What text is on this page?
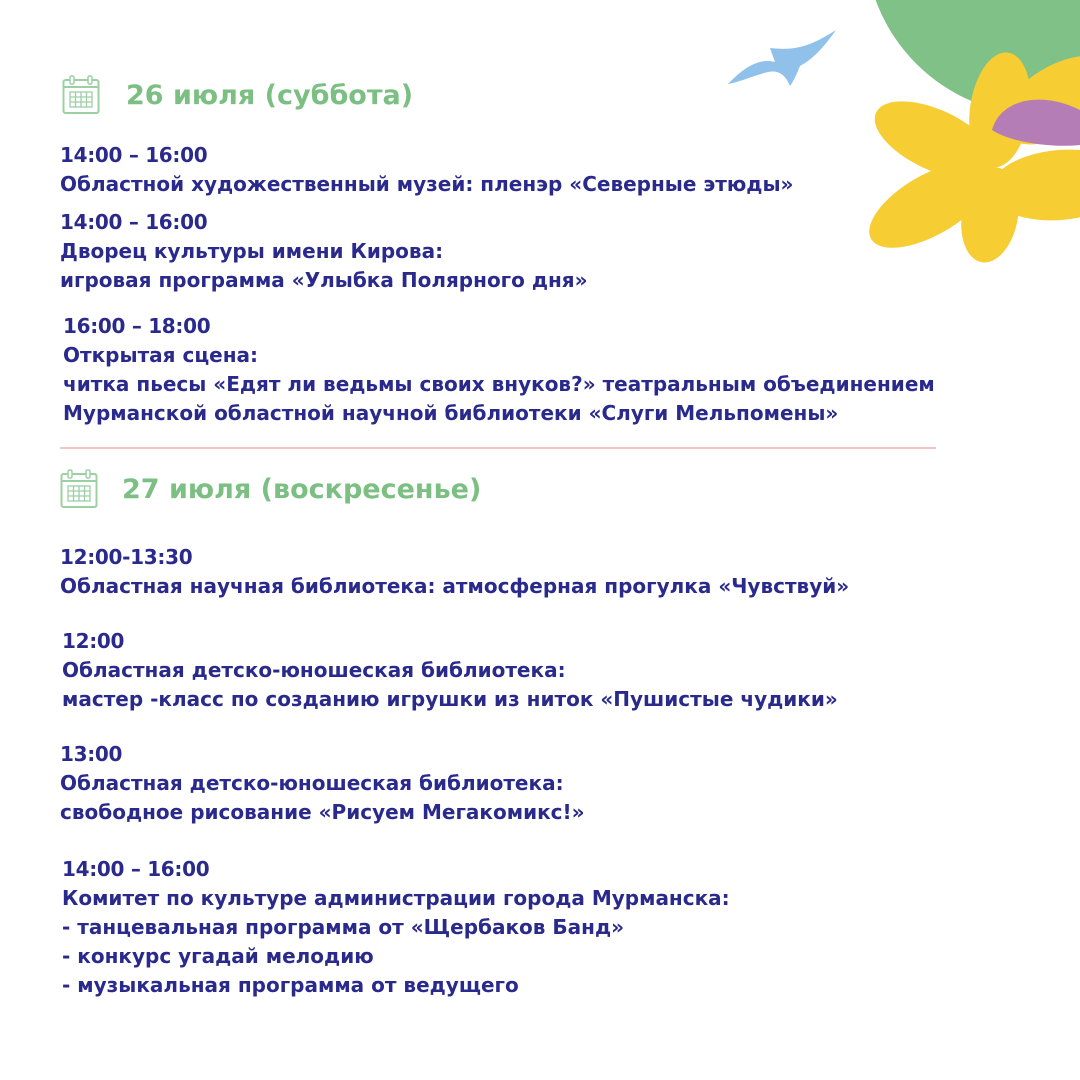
26 июля (суббота)
14:00 – 16:00
Областной художественный музей: пленэр «Северные этюды»
14:00 – 16:00
Дворец культуры имени Кирова:
игровая программа «Улыбка Полярного дня»
16:00 – 18:00
Открытая сцена:
читка пьесы «Едят ли ведьмы своих внуков?» театральным объединением
Мурманской областной научной библиотеки «Слуги Мельпомены»
27 июля (воскресенье)
12:00-13:30
Областная научная библиотека: атмосферная прогулка «Чувствуй»
12:00
Областная детско-юношеская библиотека:
мастер -класс по созданию игрушки из ниток «Пушистые чудики»
13:00
Областная детско-юношеская библиотека:
свободное рисование «Рисуем Мегакомикс!»
14:00 – 16:00
Комитет по культуре администрации города Мурманска:
- танцевальная программа от «Щербаков Банд»
- конкурс угадай мелодию
- музыкальная программа от ведущего
